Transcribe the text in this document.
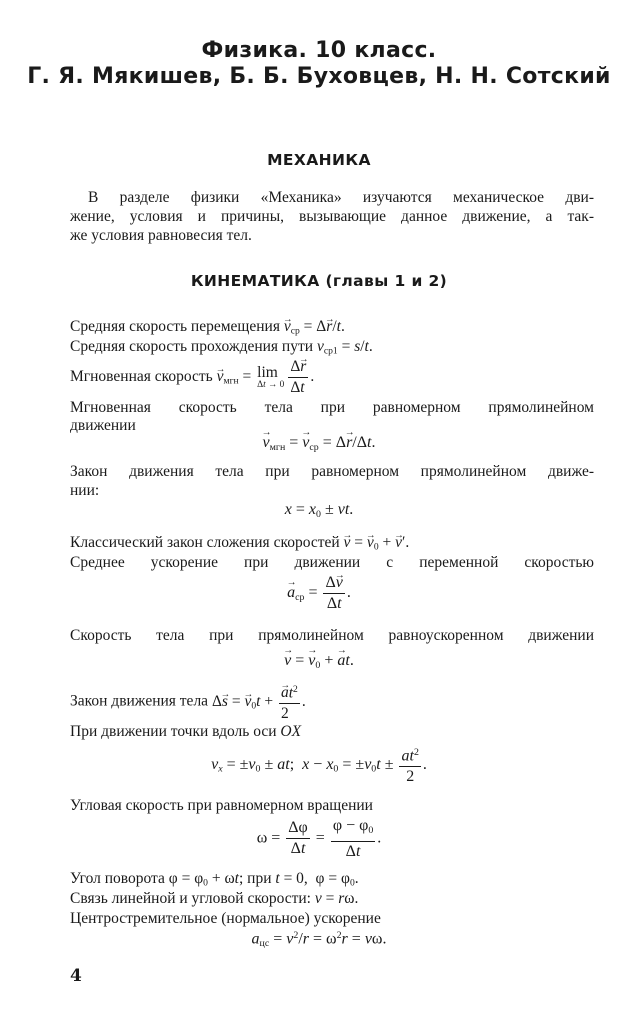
Физика. 10 класс.
Г. Я. Мякишев, Б. Б. Буховцев, Н. Н. Сотский
МЕХАНИКА
В разделе физики «Механика» изучаются механическое дви-
жение, условия и причины, вызывающие данное движение, а так-
же условия равновесия тел.
КИНЕМАТИКА (главы 1 и 2)
Средняя скорость перемещения → $v_{ср} = \Delta\to r/t$.
Средняя скорость прохождения пути $v_{ср1} = s/t$.
Мгновенная скорость → $v_{мгн} = \lim$
$\Delta t \to 0 \frac{\Delta\to r}{\Delta t}$ .
Мгновенная скорость тела при равномерном прямолинейном
движении
→ $v_{мгн}$ = → $v_{ср} = \Delta\to r/\Delta t$.
Закон движения тела при равномерном прямолинейном движе-
нии:
$x = x_0$ ± vt.
Классический закон сложения скоростей → v = → $v_0$ + → v′.
Среднее ускорение при движении с переменной скоростью
→ $a_{ср} = \frac{\Delta\to v}{\Delta t}$ .
Скорость тела при прямолинейном равноускоренном движении
→ v = → $v_0$ + → at.
Закон движения тела Δ→ s = → $v_0t$ + → $\frac{at^2}{2}$ .
При движении точки вдоль оси OX
vx = $\pm v_0$ ± at;  $x - x_0 = \pm v_0t \pm \frac{at^2}{2}$ .
Угловая скорость при равномерном вращении
$\omega = \frac{\Delta\varphi}{\Delta t} = \frac{\varphi - \varphi_0}{\Delta t}$ .
Угол поворота $\varphi = \varphi_0 + \omega t$; при t = 0,  $\varphi = \varphi_0$.
Связь линейной и угловой скорости: v = rω.
Центростремительное (нормальное) ускорение
$a_{цс} = v^2/r = \omega^2r = v\omega$.
4
